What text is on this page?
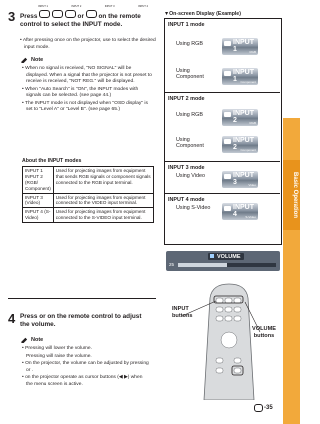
Basic Operation
3 Press	or on the remote control to select the INPUT mode.
INPUT 1	INPUT 2	INPUT 3	INPUT 4
• After pressing once on the projector, use to select the desired input mode.
Note

• When no signal is received, "NO SIGNAL" will be displayed. When a signal that the projector is not preset to receive is received, "NOT REG." will be displayed.

• When "Auto Search" is "ON", the INPUT modes with signals can be selected. (see page 44.)

• The INPUT mode is not displayed when "OSD display" is set to "Level A" or "Level B". (see page 65.)

About the INPUT modes
INPUT 1 INPUT 2 (RGB/ Component)	Used for projecting images from equipment that sends RGB signals or component signals connected to the RGB input terminal.
INPUT 3 (Video)	Used for projecting images from equipment connected to the VIDEO input terminal.
INPUT 4 (S-Video)	Used for projecting images from equipment connected to the S-VIDEO input terminal.
4 Press or on the remote control to adjust the volume.
Note

• Pressing will lower the volume.

Pressing will raise the volume.

• On the projector, the volume can be adjusted by pressing or .

• on the projector operate as cursor buttons (◀ ▶) when the menu screen is active.

▼On-screen Display (Example)
INPUT 1 mode
Using RGB	INPUT 1	RGB
Using Component
INPUT 1	Component
INPUT 2 mode
Using RGB	INPUT 2	RGB
Using Component
INPUT 2	Component
INPUT 3 mode
Using Video	INPUT 3	Video
INPUT 4 mode
Using S-Video	INPUT 4	S-Video
VOLUME
25
INPUT buttons
VOLUME buttons
-35
